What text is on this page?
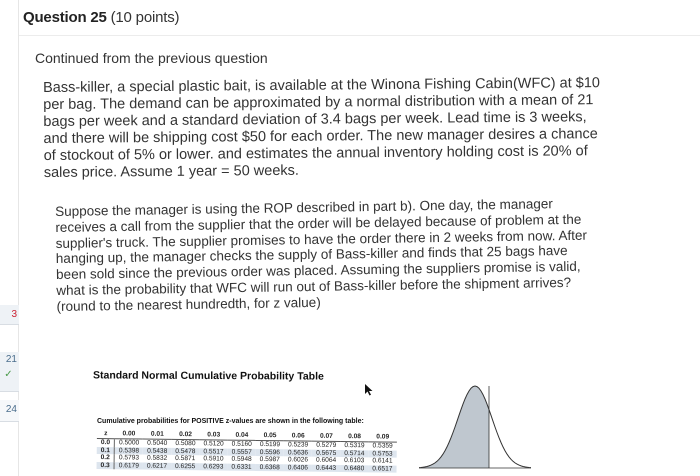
3
21
✓
24
Question 25 (10 points)
Continued from the previous question
Bass-killer, a special plastic bait, is available at the Winona Fishing Cabin(WFC) at $10 per bag. The demand can be approximated by a normal distribution with a mean of 21 bags per week and a standard deviation of 3.4 bags per week. Lead time is 3 weeks, and there will be shipping cost $50 for each order. The new manager desires a chance of stockout of 5% or lower. and estimates the annual inventory holding cost is 20% of sales price. Assume 1 year = 50 weeks.
Suppose the manager is using the ROP described in part b). One day, the manager receives a call from the supplier that the order will be delayed because of problem at the supplier's truck. The supplier promises to have the order there in 2 weeks from now. After hanging up, the manager checks the supply of Bass-killer and finds that 25 bags have been sold since the previous order was placed. Assuming the suppliers promise is valid, what is the probability that WFC will run out of Bass-killer before the shipment arrives? (round to the nearest hundredth, for z value)
Standard Normal Cumulative Probability Table
Cumulative probabilities for POSITIVE z-values are shown in the following table:
z	0.00	0.01	0.02	0.03	0.04	0.05	0.06	0.07	0.08	0.09
0.0	0.5000	0.5040	0.5080	0.5120	0.5160	0.5199	0.5239	0.5279	0.5319	0.5359
0.1	0.5398	0.5438	0.5478	0.5517	0.5557	0.5596	0.5636	0.5675	0.5714	0.5753
0.2	0.5793	0.5832	0.5871	0.5910	0.5948	0.5987	0.6026	0.6064	0.6103	0.6141
0.3	0.6179	0.6217	0.6255	0.6293	0.6331	0.6368	0.6406	0.6443	0.6480	0.6517
